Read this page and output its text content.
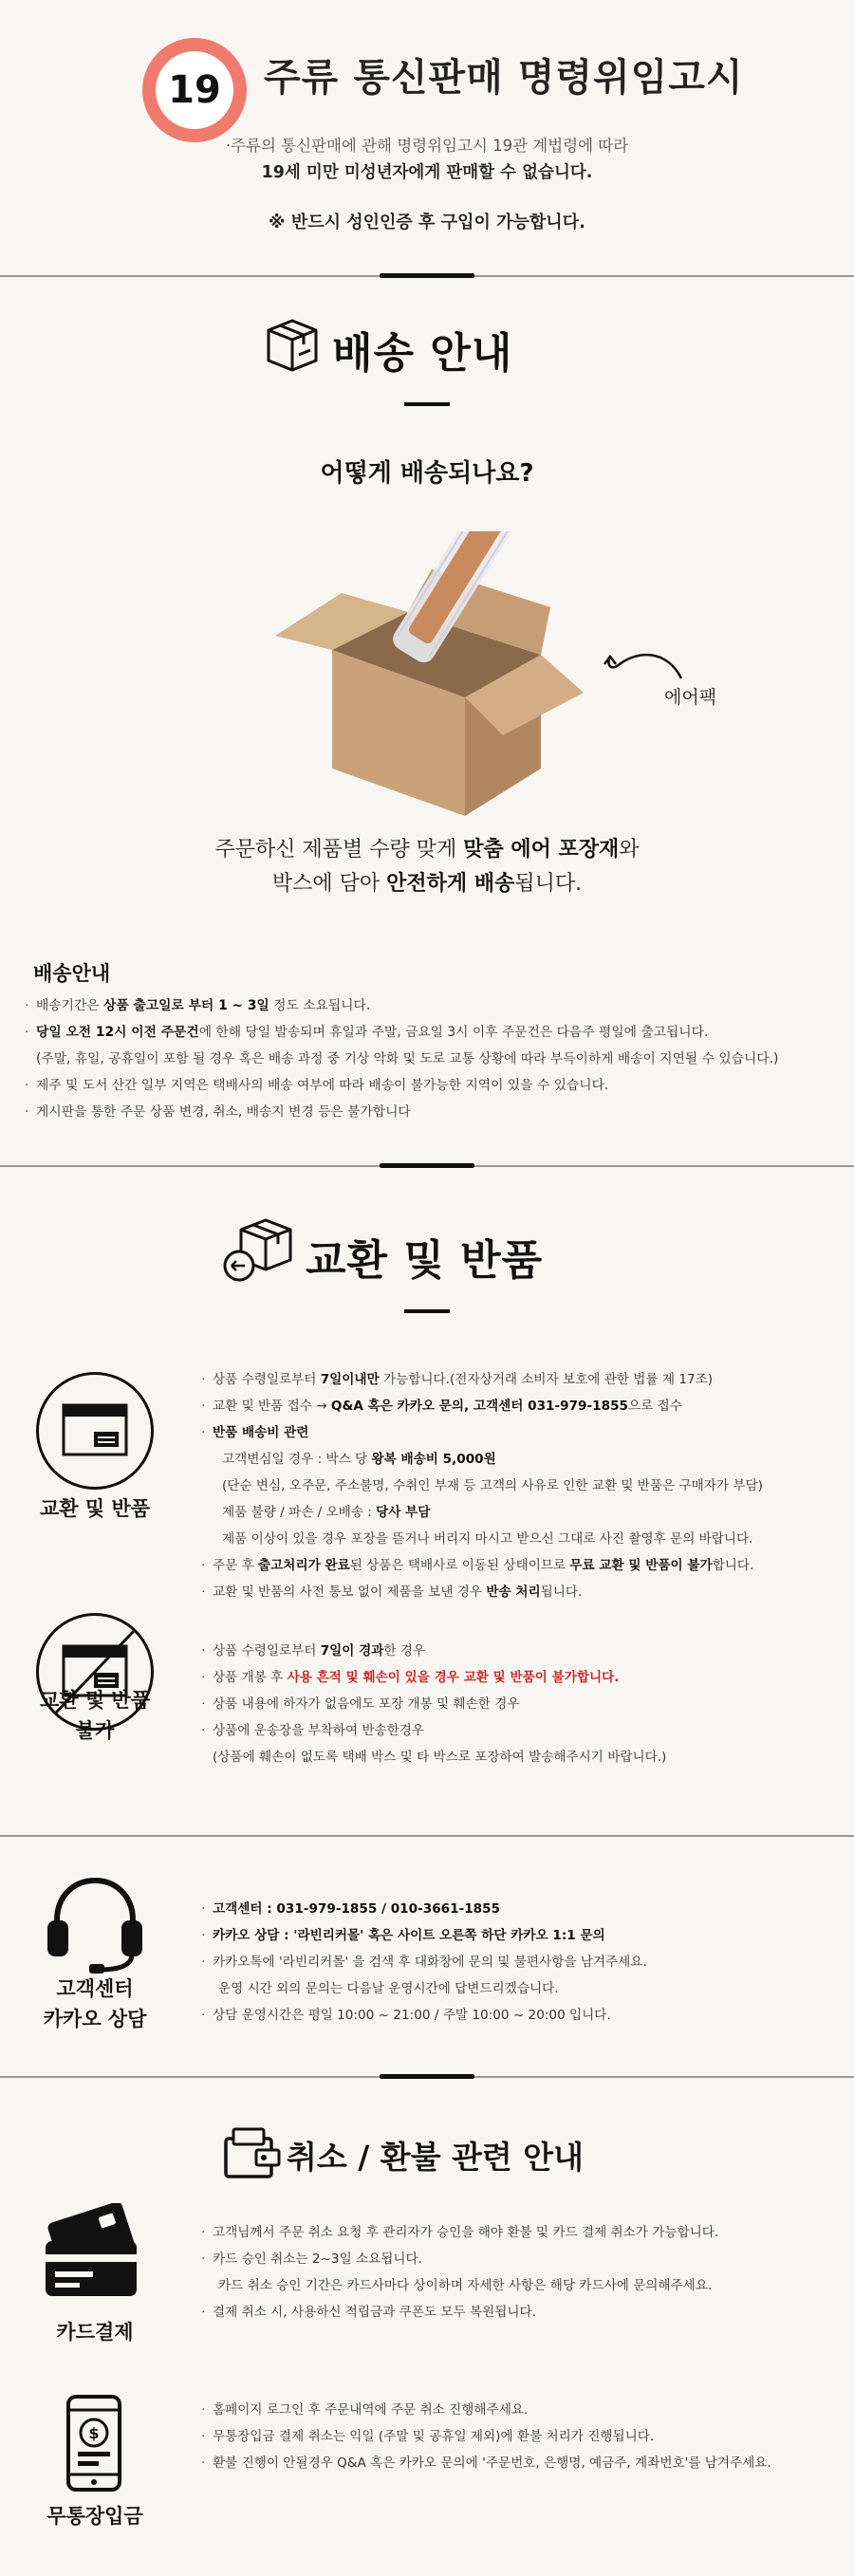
19	주류 통신판매 명령위임고시
·주류의 통신판매에 관해 명령위임고시 19관 계법령에 따라
19세 미만 미성년자에게 판매할 수 없습니다.
※ 반드시 성인인증 후 구입이 가능합니다.
배송 안내
어떻게 배송되나요?
에어팩
주문하신 제품별 수량 맞게 맞춤 에어 포장재와
박스에 담아 안전하게 배송됩니다.
배송안내
· 배송기간은 상품 출고일로 부터 1 ~ 3일 정도 소요됩니다.
· 당일 오전 12시 이전 주문건에 한해 당일 발송되며 휴일과 주말, 금요일 3시 이후 주문건은 다음주 평일에 출고됩니다.
(주말, 휴일, 공휴일이 포함 될 경우 혹은 배송 과정 중 기상 악화 및 도로 교통 상황에 따라 부득이하게 배송이 지연될 수 있습니다.)
· 제주 및 도서 산간 일부 지역은 택배사의 배송 여부에 따라 배송이 불가능한 지역이 있을 수 있습니다.
· 게시판을 통한 주문 상품 변경, 취소, 배송지 변경 등은 불가합니다
교환 및 반품
교환 및 반품
· 상품 수령일로부터 7일이내만 가능합니다.(전자상거래 소비자 보호에 관한 법률 제 17조)
· 교환 및 반품 접수 → Q&A 혹은 카카오 문의, 고객센터 031-979-1855으로 접수
· 반품 배송비 관련
고객변심일 경우 : 박스 당 왕복 배송비 5,000원
(단순 변심, 오주문, 주소불명, 수취인 부재 등 고객의 사유로 인한 교환 및 반품은 구매자가 부담)
제품 불량 / 파손 / 오배송 : 당사 부담
제품 이상이 있을 경우 포장을 뜯거나 버리지 마시고 받으신 그대로 사진 촬영후 문의 바랍니다.
· 주문 후 출고처리가 완료된 상품은 택배사로 이동된 상태이므로 무료 교환 및 반품이 불가합니다.
· 교환 및 반품의 사전 통보 없이 제품을 보낸 경우 반송 처리됩니다.
교환 및 반품
불가
· 상품 수령일로부터 7일이 경과한 경우
· 상품 개봉 후 사용 흔적 및 훼손이 있을 경우 교환 및 반품이 불가합니다.
· 상품 내용에 하자가 없음에도 포장 개봉 및 훼손한 경우
· 상품에 운송장을 부착하여 반송한경우
(상품에 훼손이 없도록 택배 박스 및 타 박스로 포장하여 발송해주시기 바랍니다.)
고객센터
카카오 상담
· 고객센터 : 031-979-1855 / 010-3661-1855
· 카카오 상담 : '라빈리커몰' 혹은 사이트 오른쪽 하단 카카오 1:1 문의
· 카카오톡에 '라빈리커몰' 을 검색 후 대화창에 문의 및 불편사항을 남겨주세요.
운영 시간 외의 문의는 다음날 운영시간에 답변드리겠습니다.
· 상담 운영시간은 평일 10:00 ~ 21:00 / 주말 10:00 ~ 20:00 입니다.
취소 / 환불 관련 안내
카드결제
· 고객님께서 주문 취소 요청 후 관리자가 승인을 해야 환불 및 카드 결제 취소가 가능합니다.
· 카드 승인 취소는 2~3일 소요됩니다.
카드 취소 승인 기간은 카드사마다 상이하며 자세한 사항은 해당 카드사에 문의해주세요.
· 결제 취소 시, 사용하신 적립금과 쿠폰도 모두 복원됩니다.
$
무통장입금
· 홈페이지 로그인 후 주문내역에 주문 취소 진행해주세요.
· 무통장입금 결제 취소는 익일 (주말 및 공휴일 제외)에 환불 처리가 진행됩니다.
· 환불 진행이 안될경우 Q&A 혹은 카카오 문의에 '주문번호, 은행명, 예금주, 계좌번호'를 남겨주세요.
